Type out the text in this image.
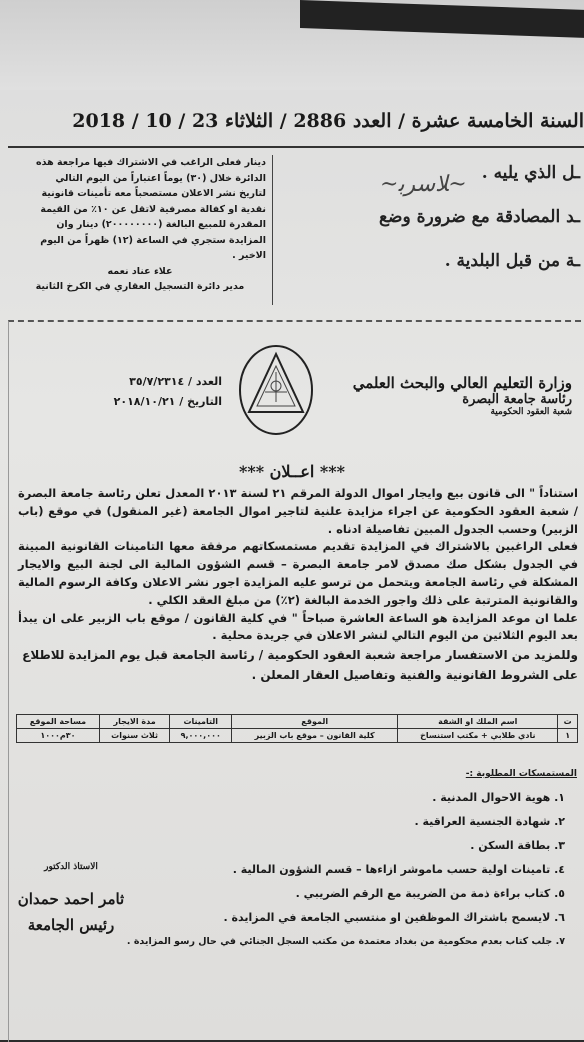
السنة الخامسة عشرة / العدد 2886 / الثلاثاء 23 / 10 / 2018
دينار فعلى الراغب في الاشتراك فيها مراجعة هذه
الدائرة خلال (٣٠) يوماً اعتباراً من اليوم التالي
لتاريخ نشر الاعلان مستصحباً معه تأمينات قانونية
نقدية او كفالة مصرفية لاتقل عن ١٠٪ من القيمة
المقدرة للمبيع البالغة (٢٠٠٠٠٠٠٠٠) دينار وان
المزايدة ستجري في الساعة (١٢) ظهراً من اليوم
الاخير .
علاء عناد نعمه
مدير دائرة التسجيل العقاري في الكرخ الثانية
ـل الذي يليه .
ـد المصادقة مع ضرورة وضع
ـة من قبل البلدية .
~ﻼﺳﺮﺑ~
العدد / ٣٥/٧/٢٣١٤
التاريخ / ٢٠١٨/١٠/٢١
وزارة التعليم العالي والبحث العلمي
رئاسة جامعة البصرة
شعبة العقود الحكومية
*** اعــلان ***

استناداً " الى قانون بيع وايجار اموال الدولة المرقم ٢١ لسنة ٢٠١٣ المعدل تعلن رئاسة جامعة البصرة / شعبة العقود الحكومية عن اجراء مزايدة علنية لتاجير اموال الجامعة (غير المنقول) في موقع (باب الزبير) وحسب الجدول المبين تفاصيلة ادناه .

فعلى الراغبين بالاشتراك في المزايدة تقديم مستمسكاتهم مرفقة معها التامينات القانونية المبينة في الجدول بشكل صك مصدق لامر جامعة البصرة – قسم الشؤون المالية الى لجنة البيع والايجار المشكلة في رئاسة الجامعة ويتحمل من ترسو عليه المزايدة اجور نشر الاعلان وكافة الرسوم المالية والقانونية المترتبة على ذلك واجور الخدمة البالغة (٢٪) من مبلغ العقد الكلي .

علما ان موعد المزايدة هو الساعة العاشرة صباحاً " في كلية القانون / موقع باب الزبير على ان يبدأ بعد اليوم الثلاثين من اليوم التالي لنشر الاعلان في جريدة محلية .

وللمزيد من الاستفسار مراجعة شعبة العقود الحكومية / رئاسة الجامعة قبل يوم المزايدة للاطلاع على الشروط القانونية والفنية وتفاصيل العقار المعلن .
ت	اسم الملك او الشقة	الموقع	التامينات	مدة الايجار	مساحة الموقع
١	نادي طلابي + مكتب استنساخ	كلية القانون – موقع باب الزبير	٩,٠٠٠,٠٠٠	ثلاث سنوات	٣٠م١٠٠٠
المستمسكات المطلوبة :-
١. هوية الاحوال المدنية .
٢. شهادة الجنسية العراقية .
٣. بطاقة السكن .
٤. تامينات اولية حسب ماموشر ازاءها – قسم الشؤون المالية .
٥. كتاب براءة ذمة من الضريبة مع الرقم الضريبي .
٦. لايسمح باشتراك الموظفين او منتسبي الجامعة في المزايدة .
٧. جلب كتاب بعدم محكومية من بغداد معتمدة من مكتب السجل الجنائي في حال رسو المزايدة .
الاستاذ الدكتور
ثامر احمد حمدان
رئيس الجامعة
